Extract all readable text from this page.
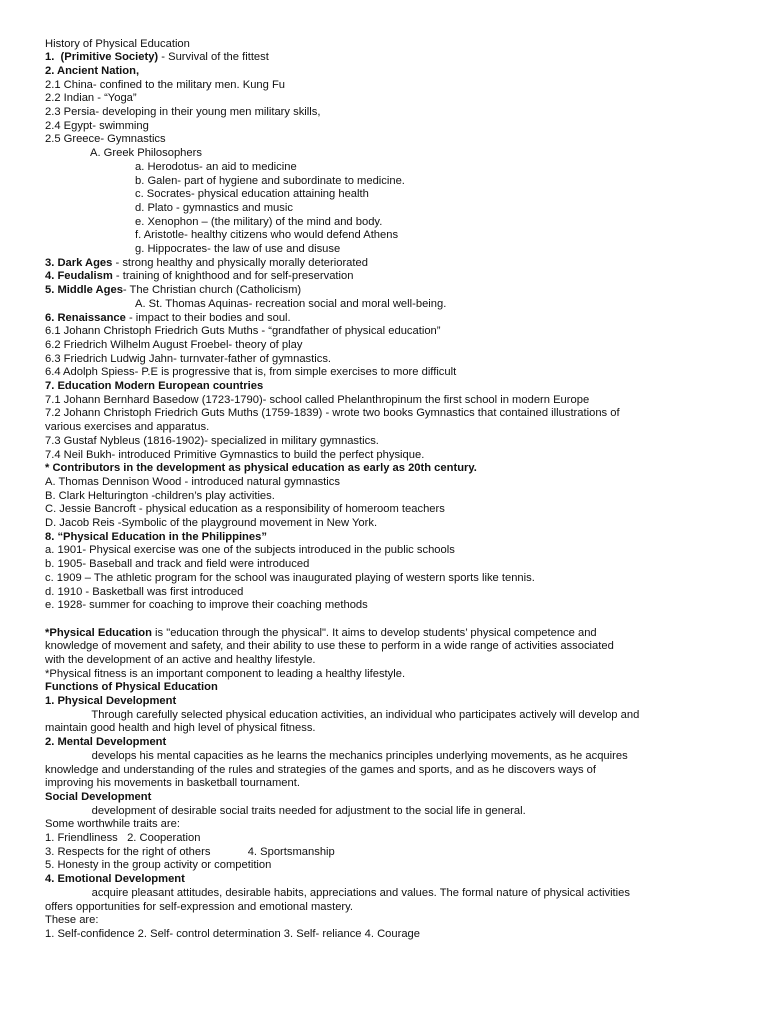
History of Physical Education
1.  (Primitive Society) - Survival of the fittest
2. Ancient Nation,
2.1 China- confined to the military men. Kung Fu
2.2 Indian - “Yoga”
2.3 Persia- developing in their young men military skills,
2.4 Egypt- swimming
2.5 Greece- Gymnastics
A. Greek Philosophers
a. Herodotus- an aid to medicine
b. Galen- part of hygiene and subordinate to medicine.
c. Socrates- physical education attaining health
d. Plato - gymnastics and music
e. Xenophon – (the military) of the mind and body.
f. Aristotle- healthy citizens who would defend Athens
g. Hippocrates- the law of use and disuse
3. Dark Ages - strong healthy and physically morally deteriorated
4. Feudalism - training of knighthood and for self-preservation
5. Middle Ages- The Christian church (Catholicism)
A. St. Thomas Aquinas- recreation social and moral well-being.
6. Renaissance - impact to their bodies and soul.
6.1 Johann Christoph Friedrich Guts Muths - “grandfather of physical education”
6.2 Friedrich Wilhelm August Froebel- theory of play
6.3 Friedrich Ludwig Jahn- turnvater-father of gymnastics.
6.4 Adolph Spiess- P.E is progressive that is, from simple exercises to more difficult
7. Education Modern European countries
7.1 Johann Bernhard Basedow (1723-1790)- school called Phelanthropinum the first school in modern Europe
7.2 Johann Christoph Friedrich Guts Muths (1759-1839) - wrote two books Gymnastics that contained illustrations of
various exercises and apparatus.
7.3 Gustaf Nybleus (1816-1902)- specialized in military gymnastics.
7.4 Neil Bukh- introduced Primitive Gymnastics to build the perfect physique.
* Contributors in the development as physical education as early as 20th century.
A. Thomas Dennison Wood - introduced natural gymnastics
B. Clark Helturington -children’s play activities.
C. Jessie Bancroft - physical education as a responsibility of homeroom teachers
D. Jacob Reis -Symbolic of the playground movement in New York.
8. “Physical Education in the Philippines”
a. 1901- Physical exercise was one of the subjects introduced in the public schools
b. 1905- Baseball and track and field were introduced
c. 1909 – The athletic program for the school was inaugurated playing of western sports like tennis.
d. 1910 - Basketball was first introduced
e. 1928- summer for coaching to improve their coaching methods
*Physical Education is "education through the physical". It aims to develop students’ physical competence and
knowledge of movement and safety, and their ability to use these to perform in a wide range of activities associated
with the development of an active and healthy lifestyle.
*Physical fitness is an important component to leading a healthy lifestyle.
Functions of Physical Education
1. Physical Development
Through carefully selected physical education activities, an individual who participates actively will develop and
maintain good health and high level of physical fitness.
2. Mental Development
develops his mental capacities as he learns the mechanics principles underlying movements, as he acquires
knowledge and understanding of the rules and strategies of the games and sports, and as he discovers ways of
improving his movements in basketball tournament.
Social Development
development of desirable social traits needed for adjustment to the social life in general.
Some worthwhile traits are:
1. Friendliness   2. Cooperation
3. Respects for the right of others            4. Sportsmanship
5. Honesty in the group activity or competition
4. Emotional Development
acquire pleasant attitudes, desirable habits, appreciations and values. The formal nature of physical activities
offers opportunities for self-expression and emotional mastery.
These are:
1. Self-confidence 2. Self- control determination 3. Self- reliance 4. Courage
